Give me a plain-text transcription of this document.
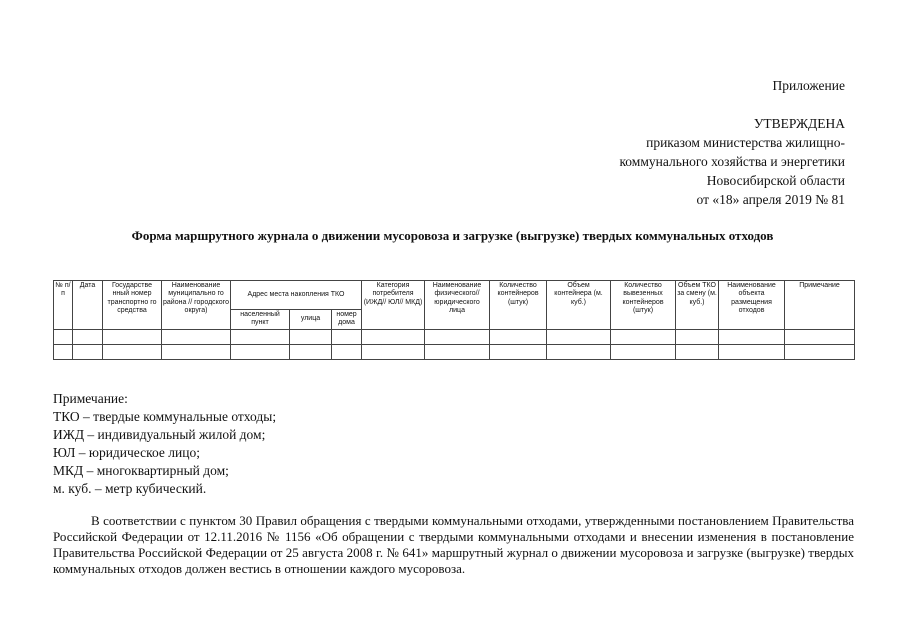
Приложение
УТВЕРЖДЕНА
приказом министерства жилищно-
коммунального хозяйства и энергетики
Новосибирской области
от «18» апреля 2019 № 81
Форма маршрутного журнала о движении мусоровоза и загрузке (выгрузке) твердых коммунальных отходов
№ п/ п	Дата	Государстве нный номер транспортно го средства	Наименование муниципально го района // городского округа)	Адрес места накопления ТКО			Категория потребителя (ИЖД// ЮЛ// МКД)	Наименование физического// юридического лица	Количество контейнеров (штук)	Объем контейнера (м. куб.)	Количество вывезенных контейнеров (штук)	Объем ТКО за смену (м. куб.)	Наименование объекта размещения отходов	Примечание
				населенный пункт	улица	номер дома								

Примечание:
ТКО – твердые коммунальные отходы;
ИЖД – индивидуальный жилой дом;
ЮЛ – юридическое лицо;
МКД – многоквартирный дом;
м. куб. – метр кубический.
В соответствии с пунктом 30 Правил обращения с твердыми коммунальными отходами, утвержденными постановлением Правительства Российской Федерации от 12.11.2016 № 1156 «Об обращении с твердыми коммунальными отходами и внесении изменения в постановление Правительства Российской Федерации от 25 августа 2008 г. № 641» маршрутный журнал о движении мусоровоза и загрузке (выгрузке) твердых коммунальных отходов должен вестись в отношении каждого мусоровоза.
